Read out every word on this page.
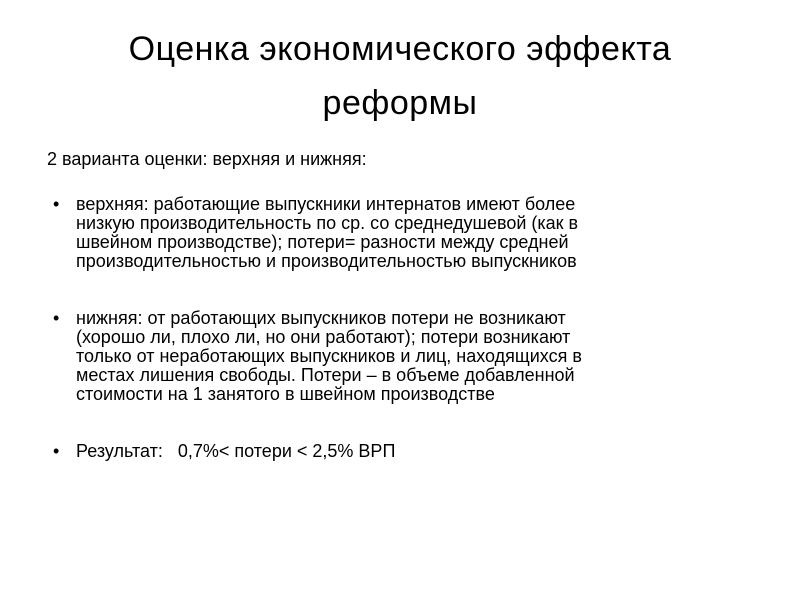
Оценка экономического эффекта
реформы
2 варианта оценки: верхняя и нижняя:
• верхняя: работающие выпускники интернатов имеют более
низкую производительность по ср. со среднедушевой (как в
швейном производстве); потери= разности между средней
производительностью и производительностью выпускников
• нижняя: от работающих выпускников потери не возникают
(хорошо ли, плохо ли, но они работают); потери возникают
только от неработающих выпускников и лиц, находящихся в
местах лишения свободы. Потери – в объеме добавленной
стоимости на 1 занятого в швейном производстве
• Результат:   0,7%< потери < 2,5% ВРП
